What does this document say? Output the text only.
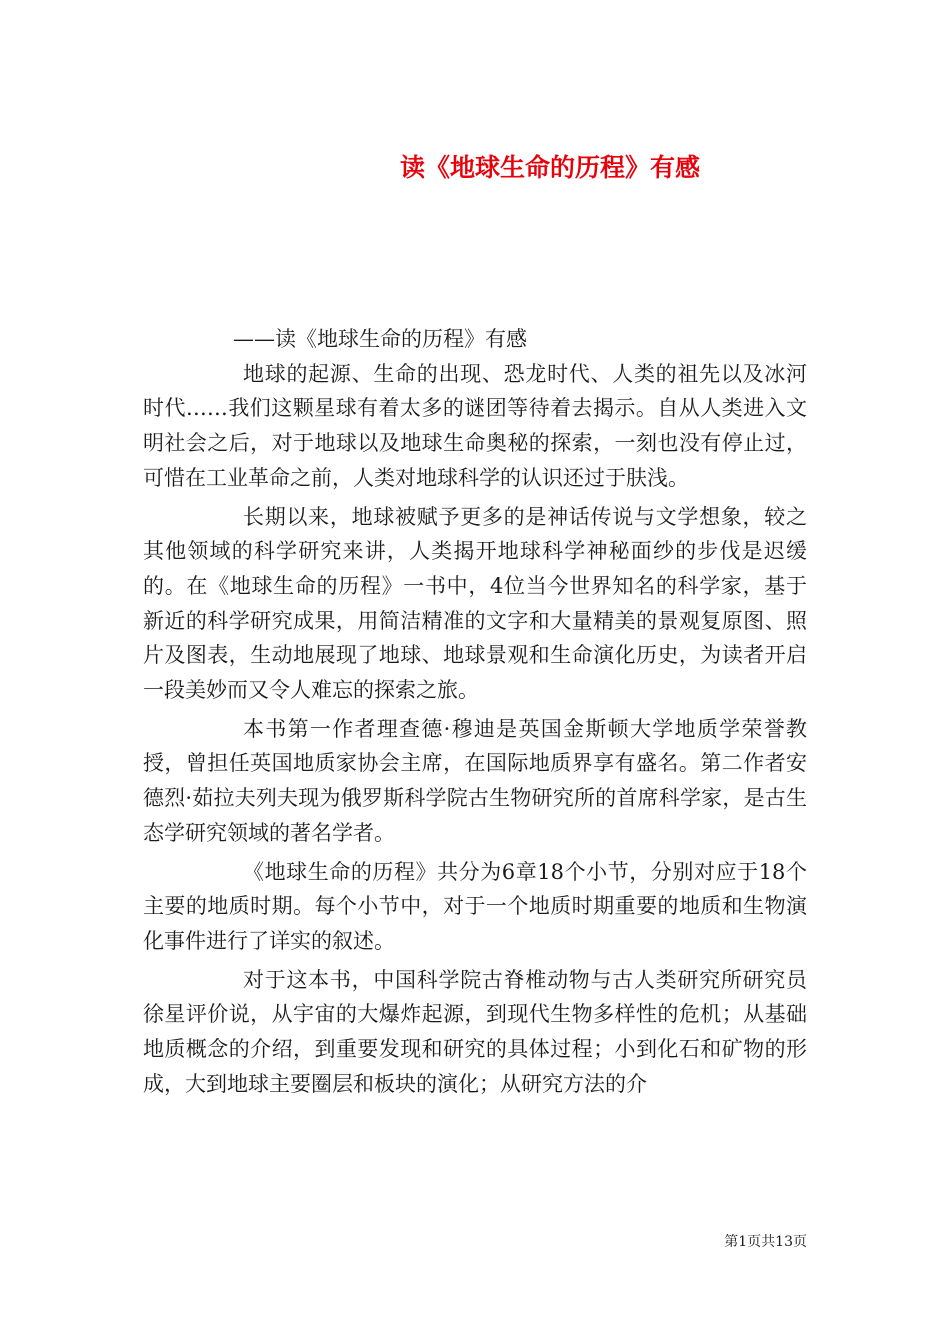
读《地球生命的历程》有感

——读《地球生命的历程》有感

地球的起源、生命的出现、恐龙时代、人类的祖先以及冰河时代……我们这颗星球有着太多的谜团等待着去揭示。自从人类进入文明社会之后，对于地球以及地球生命奥秘的探索，一刻也没有停止过，可惜在工业革命之前，人类对地球科学的认识还过于肤浅。

长期以来，地球被赋予更多的是神话传说与文学想象，较之其他领域的科学研究来讲，人类揭开地球科学神秘面纱的步伐是迟缓的。在《地球生命的历程》一书中，4位当今世界知名的科学家，基于新近的科学研究成果，用简洁精准的文字和大量精美的景观复原图、照片及图表，生动地展现了地球、地球景观和生命演化历史，为读者开启一段美妙而又令人难忘的探索之旅。

本书第一作者理查德·穆迪是英国金斯顿大学地质学荣誉教授，曾担任英国地质家协会主席，在国际地质界享有盛名。第二作者安德烈·茹拉夫列夫现为俄罗斯科学院古生物研究所的首席科学家，是古生态学研究领域的著名学者。

《地球生命的历程》共分为6章18个小节，分别对应于18个主要的地质时期。每个小节中，对于一个地质时期重要的地质和生物演化事件进行了详实的叙述。

对于这本书，中国科学院古脊椎动物与古人类研究所研究员徐星评价说，从宇宙的大爆炸起源，到现代生物多样性的危机；从基础地质概念的介绍，到重要发现和研究的具体过程；小到化石和矿物的形成，大到地球主要圈层和板块的演化；从研究方法的介

第1页共13页
